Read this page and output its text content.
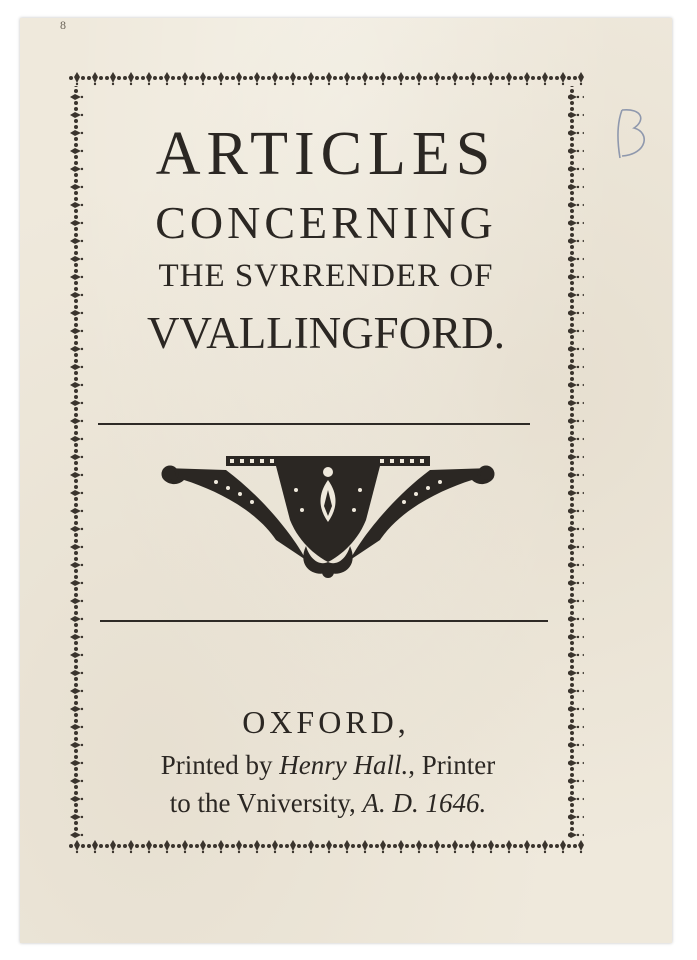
8
ARTICLES
CONCERNING
THE SVRRENDER OF
VVALLINGFORD.
OXFORD,
Printed by Henry Hall., Printer
to the Vniversity, A. D. 1646.
